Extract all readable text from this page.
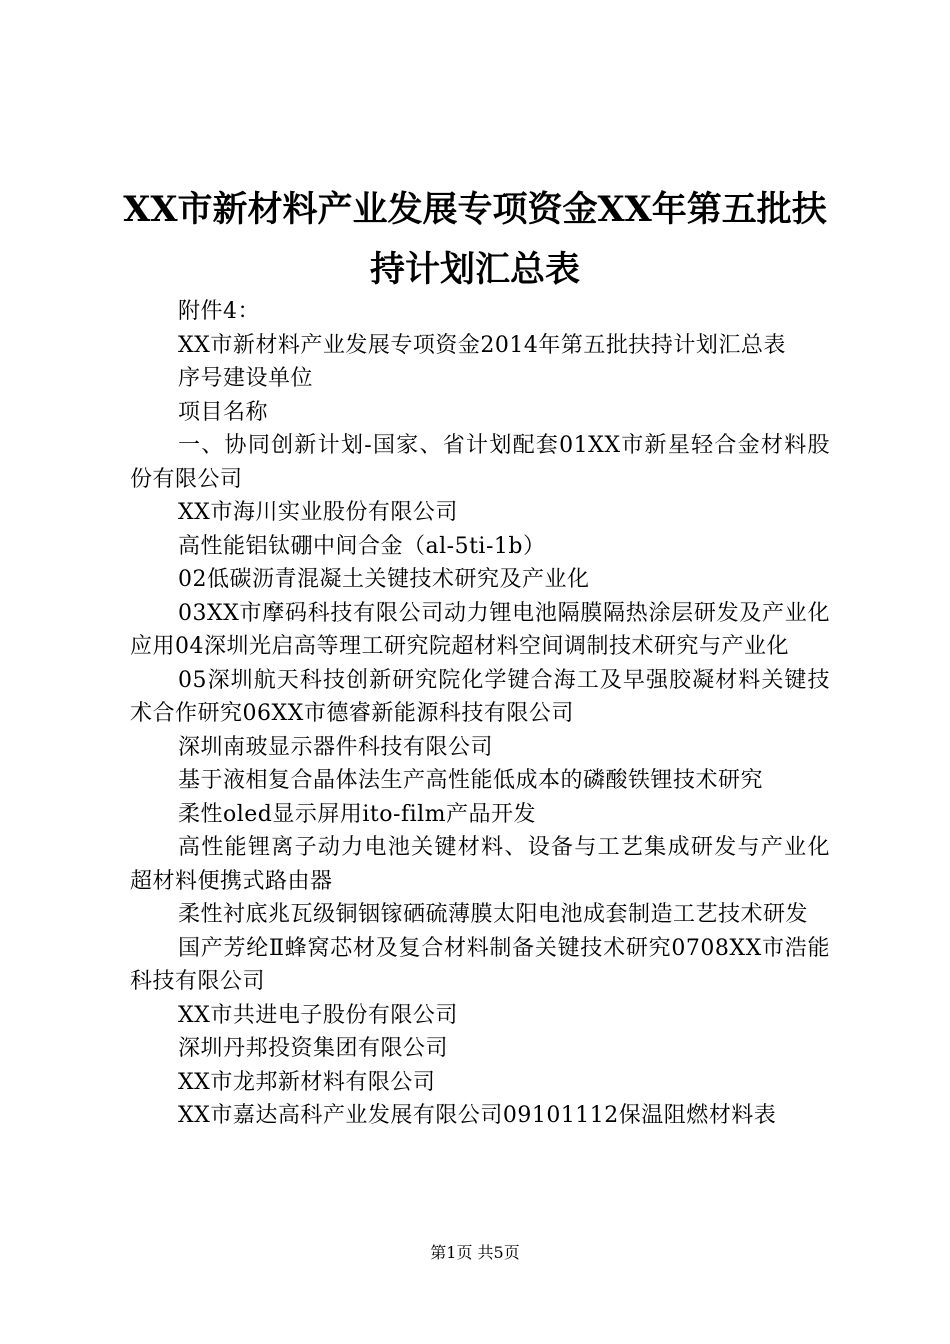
XX市新材料产业发展专项资金XX年第五批扶持计划汇总表

附件4：

XX市新材料产业发展专项资金2014年第五批扶持计划汇总表

序号建设单位

项目名称

一、协同创新计划-国家、省计划配套01XX市新星轻合金材料股份有限公司

XX市海川实业股份有限公司

高性能铝钛硼中间合金（al-5ti-1b）

02低碳沥青混凝土关键技术研究及产业化

03XX市摩码科技有限公司动力锂电池隔膜隔热涂层研发及产业化应用04深圳光启高等理工研究院超材料空间调制技术研究与产业化

05深圳航天科技创新研究院化学键合海工及早强胶凝材料关键技术合作研究06XX市德睿新能源科技有限公司

深圳南玻显示器件科技有限公司

基于液相复合晶体法生产高性能低成本的磷酸铁锂技术研究

柔性oled显示屏用ito-film产品开发

高性能锂离子动力电池关键材料、设备与工艺集成研发与产业化超材料便携式路由器

柔性衬底兆瓦级铜铟镓硒硫薄膜太阳电池成套制造工艺技术研发

国产芳纶Ⅱ蜂窝芯材及复合材料制备关键技术研究0708XX市浩能科技有限公司

XX市共进电子股份有限公司

深圳丹邦投资集团有限公司

XX市龙邦新材料有限公司

XX市嘉达高科产业发展有限公司09101112保温阻燃材料表

第1页 共5页
